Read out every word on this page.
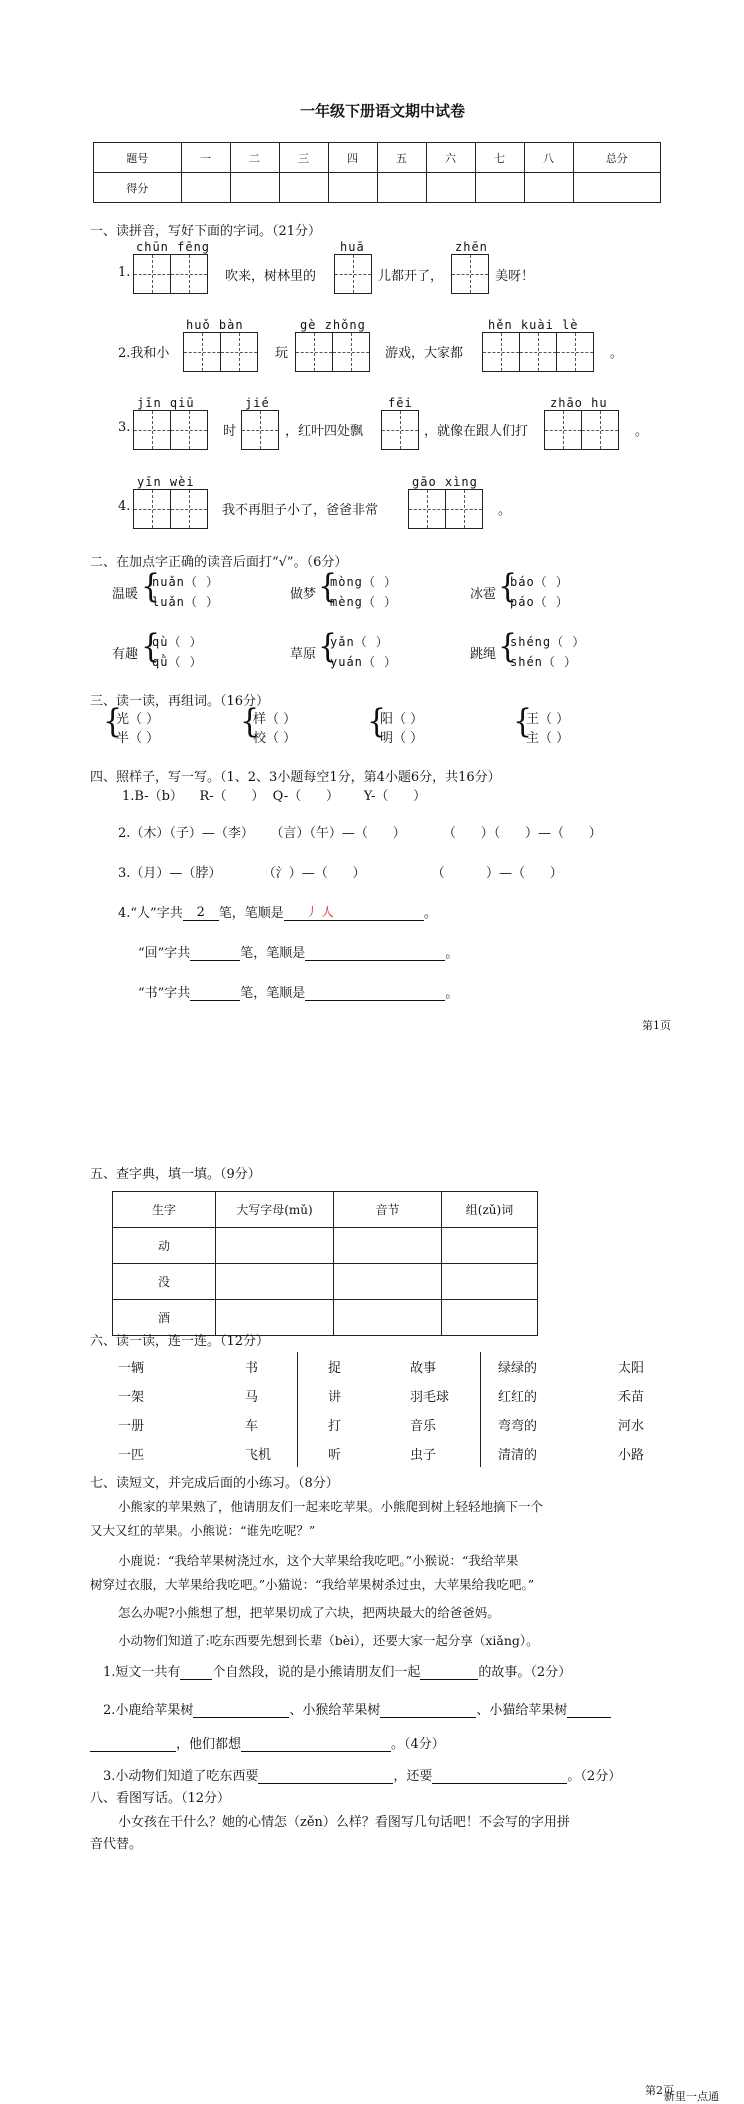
一年级下册语文期中试卷
题号	一	二	三	四	五	六	七	八	总分
得分									
一、读拼音，写好下面的字词。（21分）
chūn fēng
1.	吹来，树林里的
huā
儿都开了，
zhēn
美呀！
huǒ bàn
2.我和小	玩
gè zhǒng
游戏，大家都
hěn kuài lè
。
jīn qiū
3.	时
jié
，红叶四处飘
fēi
，就像在跟人们打
zhāo hu
。
yīn wèi
4.	我不再胆子小了，爸爸非常
gāo xìng
。
二、在加点字正确的读音后面打“√”。（6分）
温暖 {
nuǎn（ ）
luǎn（ ）	做梦 {
mòng（ ）
mèng（ ）	冰雹 {
báo（ ）
páo（ ）
有趣 {
qù（ ）
qǜ（ ）	草原 {
yǎn（ ）
yuán（ ）	跳绳 {
shéng（ ）
shén（ ）
三、读一读，再组词。（16分）
{
光（ ）
半（ ）	{
样（ ）
校（ ） {
阳（ ）
明（ ）	{
王（ ）
主（ ）
四、照样子，写一写。（1、2、3小题每空1分，第4小题6分，共16分）
1.B-（b）    R-（      ）  Q-（      ）      Y-（      ）
2.（木）（子）—（李）    （言）（午）—（      ）         （      ）（      ）—（      ）
3.（月）—（脖）          （氵）—（      ）                （          ）—（      ）
4.“人”字共 2 笔，笔顺是 丿 人	。
“回”字共	笔，笔顺是	。
“书”字共	笔，笔顺是	。
第1页
五、查字典，填一填。（9分）
生字	大写字母(mǔ)	音节	组(zǔ)词
动			
没			
酒			
六、读一读，连一连。（12分）
一辆
一架
一册
一匹
书
马
车
飞机
捉
讲
打
听
故事
羽毛球
音乐
虫子
绿绿的
红红的
弯弯的
清清的
太阳
禾苗
河水
小路
七、读短文，并完成后面的小练习。（8分）
小熊家的苹果熟了，他请朋友们一起来吃苹果。小熊爬到树上轻轻地摘下一个
又大又红的苹果。小熊说：“谁先吃呢？”
小鹿说：“我给苹果树浇过水，这个大苹果给我吃吧。”小猴说：“我给苹果
树穿过衣服，大苹果给我吃吧。”小猫说：“我给苹果树杀过虫，大苹果给我吃吧。”
怎么办呢?小熊想了想，把苹果切成了六块，把两块最大的给爸爸妈。
小动物们知道了:吃东西要先想到长辈（bèi），还要大家一起分享（xiǎng）。
1.短文一共有 个自然段，说的是小熊请朋友们一起	的故事。（2分）
2.小鹿给苹果树	、小猴给苹果树	、小猫给苹果树
，他们都想	。（4分）
3.小动物们知道了吃东西要	，还要	。（2分）
八、看图写话。（12分）
小女孩在干什么？她的心情怎（zěn）么样？看图写几句话吧！不会写的字用拼
音代替。
第2页
新里一点通
